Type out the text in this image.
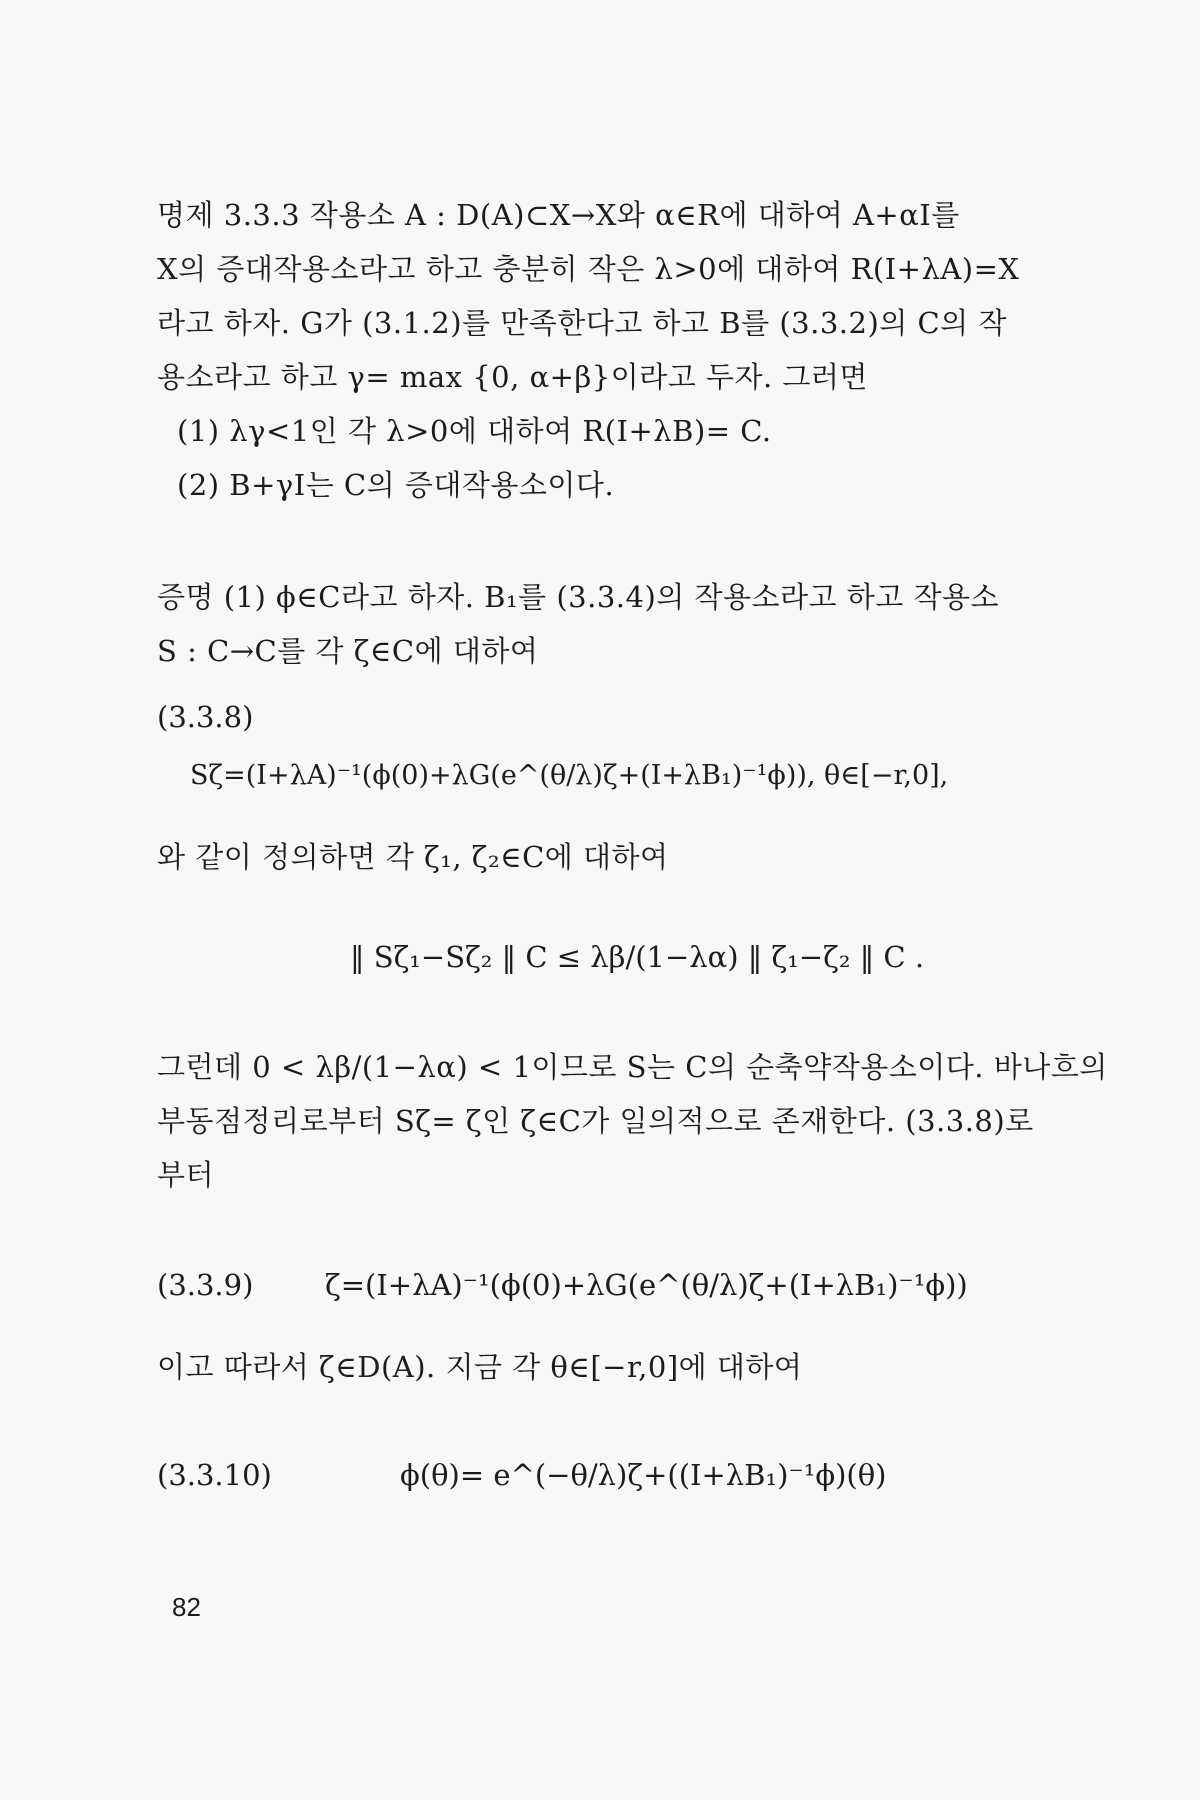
명제 3.3.3 작용소 A : D(A)⊂X→X와 α∈R에 대하여 A+αI를
X의 증대작용소라고 하고 충분히 작은 λ>0에 대하여 R(I+λA)=X
라고 하자. G가 (3.1.2)를 만족한다고 하고 B를 (3.3.2)의 C의 작
용소라고 하고 γ= max {0, α+β}이라고 두자. 그러면
(1) λγ<1인 각 λ>0에 대하여 R(I+λB)= C.
(2) B+γI는 C의 증대작용소이다.
증명 (1) ϕ∈C라고 하자. B₁를 (3.3.4)의 작용소라고 하고 작용소
S : C→C를 각 ζ∈C에 대하여
(3.3.8)
Sζ=(I+λA)⁻¹(ϕ(0)+λG(e^(θ/λ)ζ+(I+λB₁)⁻¹ϕ)), θ∈[−r,0],
와 같이 정의하면 각 ζ₁, ζ₂∈C에 대하여
‖ Sζ₁−Sζ₂ ‖ C ≤ λβ/(1−λα) ‖ ζ₁−ζ₂ ‖ C .
그런데 0 < λβ/(1−λα) < 1이므로 S는 C의 순축약작용소이다. 바나흐의
부동점정리로부터 Sζ= ζ인 ζ∈C가 일의적으로 존재한다. (3.3.8)로
부터
(3.3.9) ζ=(I+λA)⁻¹(ϕ(0)+λG(e^(θ/λ)ζ+(I+λB₁)⁻¹ϕ))
이고 따라서 ζ∈D(A). 지금 각 θ∈[−r,0]에 대하여
(3.3.10)	ϕ(θ)= e^(−θ/λ)ζ+((I+λB₁)⁻¹ϕ)(θ)
82
